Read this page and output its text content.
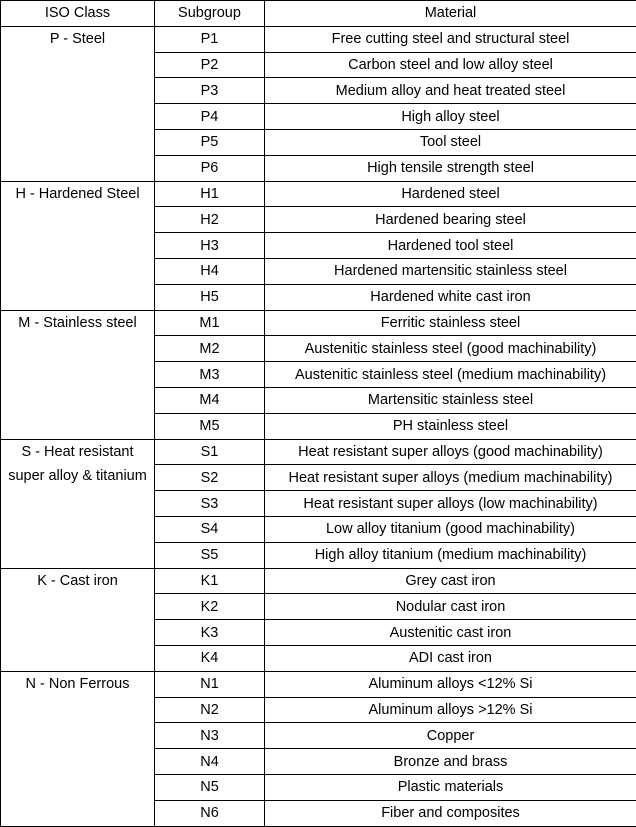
ISO Class	Subgroup	Material

P - Steel	P1	Free cutting steel and structural steel
	P2	Carbon steel and low alloy steel
	P3	Medium alloy and heat treated steel
	P4	High alloy steel
	P5	Tool steel
	P6	High tensile strength steel

H - Hardened Steel	H1	Hardened steel
	H2	Hardened bearing steel
	H3	Hardened tool steel
	H4	Hardened martensitic stainless steel
	H5	Hardened white cast iron

M - Stainless steel	M1	Ferritic stainless steel
	M2	Austenitic stainless steel (good machinability)
	M3	Austenitic stainless steel (medium machinability)
	M4	Martensitic stainless steel
	M5	PH stainless steel

S - Heat resistant super alloy & titanium	S1	Heat resistant super alloys (good machinability)
	S2	Heat resistant super alloys (medium machinability)
	S3	Heat resistant super alloys (low machinability)
	S4	Low alloy titanium (good machinability)
	S5	High alloy titanium (medium machinability)

K - Cast iron	K1	Grey cast iron
	K2	Nodular cast iron
	K3	Austenitic cast iron
	K4	ADI cast iron

N - Non Ferrous	N1	Aluminum alloys <12% Si
	N2	Aluminum alloys >12% Si
	N3	Copper
	N4	Bronze and brass
	N5	Plastic materials
	N6	Fiber and composites
